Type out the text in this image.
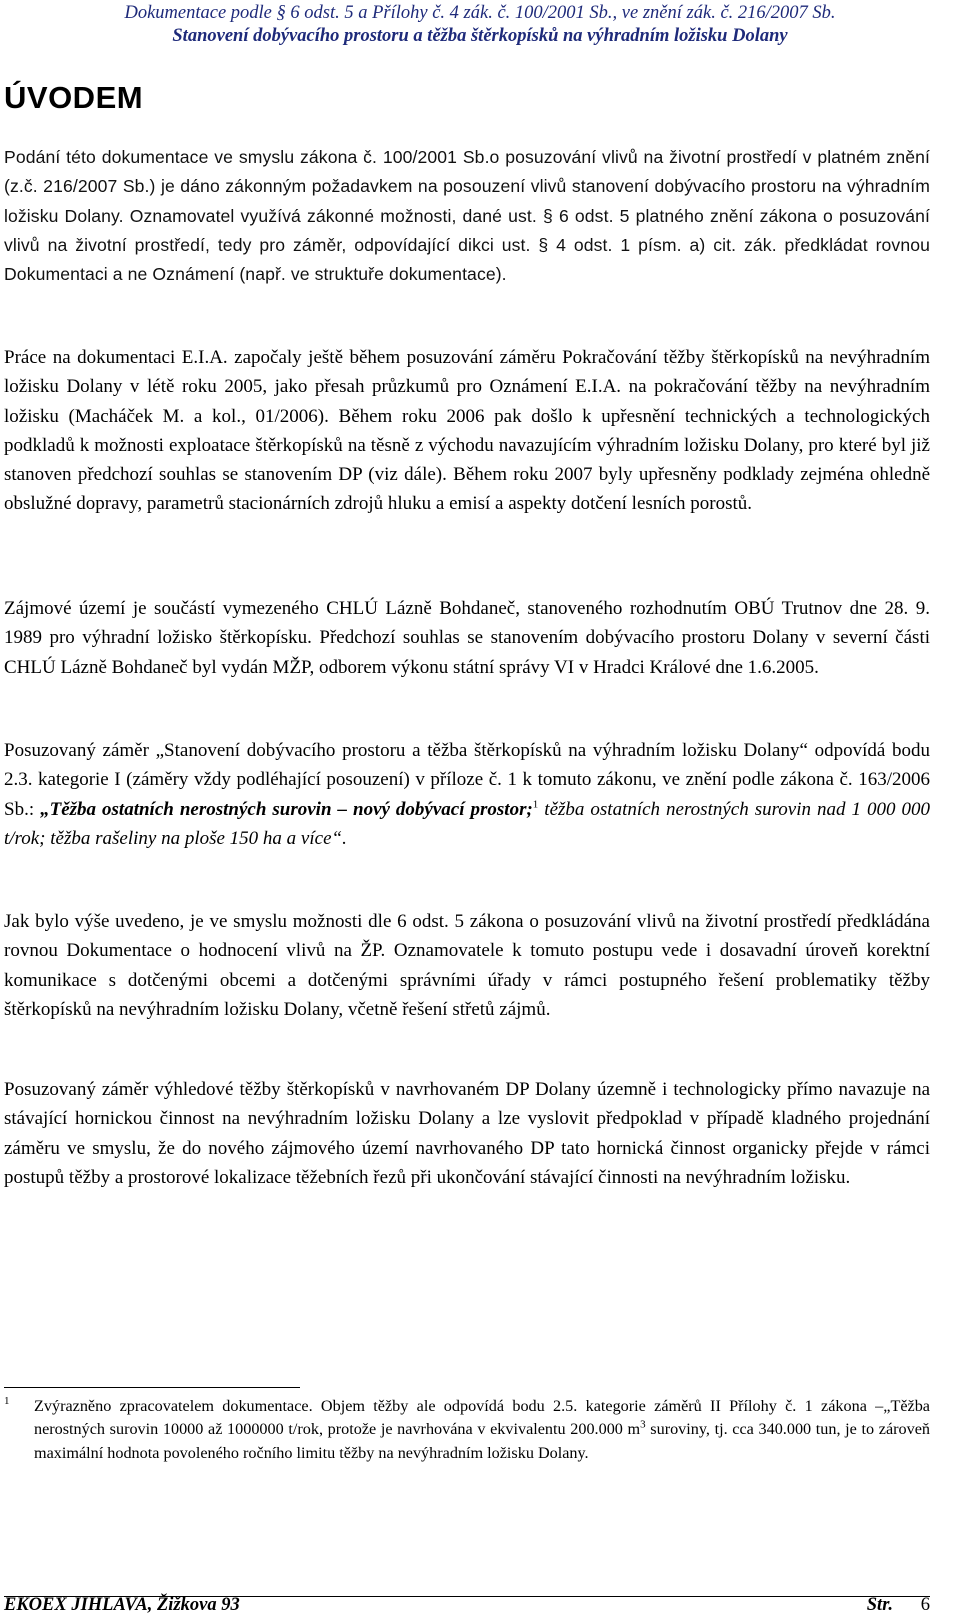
Dokumentace podle § 6 odst. 5 a Přílohy č. 4 zák. č. 100/2001 Sb., ve znění zák. č. 216/2007 Sb.
Stanovení dobývacího prostoru a těžba štěrkopísků na výhradním ložisku Dolany
ÚVODEM

Podání této dokumentace ve smyslu zákona č. 100/2001 Sb.o posuzování vlivů na životní prostředí v platném znění (z.č. 216/2007 Sb.) je dáno zákonným požadavkem na posouzení vlivů stanovení dobývacího prostoru na výhradním ložisku Dolany. Oznamovatel využívá zákonné možnosti, dané ust. § 6 odst. 5 platného znění zákona o posuzování vlivů na životní prostředí, tedy pro záměr, odpovídající dikci ust. § 4 odst. 1 písm. a) cit. zák. předkládat rovnou Dokumentaci a ne Oznámení (např. ve struktuře dokumentace).

Práce na dokumentaci E.I.A. započaly ještě během posuzování záměru Pokračování těžby štěrkopísků na nevýhradním ložisku Dolany v létě roku 2005, jako přesah průzkumů pro Oznámení E.I.A. na pokračování těžby na nevýhradním ložisku (Macháček M. a kol., 01/2006). Během roku 2006 pak došlo k upřesnění technických a technologických podkladů k možnosti exploatace štěrkopísků na těsně z východu navazujícím výhradním ložisku Dolany, pro které byl již stanoven předchozí souhlas se stanovením DP (viz dále). Během roku 2007 byly upřesněny podklady zejména ohledně obslužné dopravy, parametrů stacionárních zdrojů hluku a emisí a aspekty dotčení lesních porostů.

Zájmové území je součástí vymezeného CHLÚ Lázně Bohdaneč, stanoveného rozhodnutím OBÚ Trutnov dne 28. 9. 1989 pro výhradní ložisko štěrkopísku. Předchozí souhlas se stanovením dobývacího prostoru Dolany v severní části CHLÚ Lázně Bohdaneč byl vydán MŽP, odborem výkonu státní správy VI v Hradci Králové dne 1.6.2005.

Posuzovaný záměr „Stanovení dobývacího prostoru a těžba štěrkopísků na výhradním ložisku Dolany“ odpovídá bodu 2.3. kategorie I (záměry vždy podléhající posouzení) v příloze č. 1 k tomuto zákonu, ve znění podle zákona č. 163/2006 Sb.: „Těžba ostatních nerostných surovin – nový dobývací prostor;$^1$ těžba ostatních nerostných surovin nad 1 000 000 t/rok; těžba rašeliny na ploše 150 ha a více“.

Jak bylo výše uvedeno, je ve smyslu možnosti dle 6 odst. 5 zákona o posuzování vlivů na životní prostředí předkládána rovnou Dokumentace o hodnocení vlivů na ŽP. Oznamovatele k tomuto postupu vede i dosavadní úroveň korektní komunikace s dotčenými obcemi a dotčenými správními úřady v rámci postupného řešení problematiky těžby štěrkopísků na nevýhradním ložisku Dolany, včetně řešení střetů zájmů.

Posuzovaný záměr výhledové těžby štěrkopísků v navrhovaném DP Dolany územně i technologicky přímo navazuje na stávající hornickou činnost na nevýhradním ložisku Dolany a lze vyslovit předpoklad v případě kladného projednání záměru ve smyslu, že do nového zájmového území navrhovaného DP tato hornická činnost organicky přejde v rámci postupů těžby a prostorové lokalizace těžebních řezů při ukončování stávající činnosti na nevýhradním ložisku.

1	Zvýrazněno zpracovatelem dokumentace. Objem těžby ale odpovídá bodu 2.5. kategorie záměrů II Přílohy č. 1 zákona –„Těžba nerostných surovin 10000 až 1000000 t/rok, protože je navrhována v ekvivalentu 200.000 $m^3$ suroviny, tj. cca 340.000 tun, je to zároveň maximální hodnota povoleného ročního limitu těžby na nevýhradním ložisku Dolany.

EKOEX JIHLAVA, Žižkova 93	Str. 6
